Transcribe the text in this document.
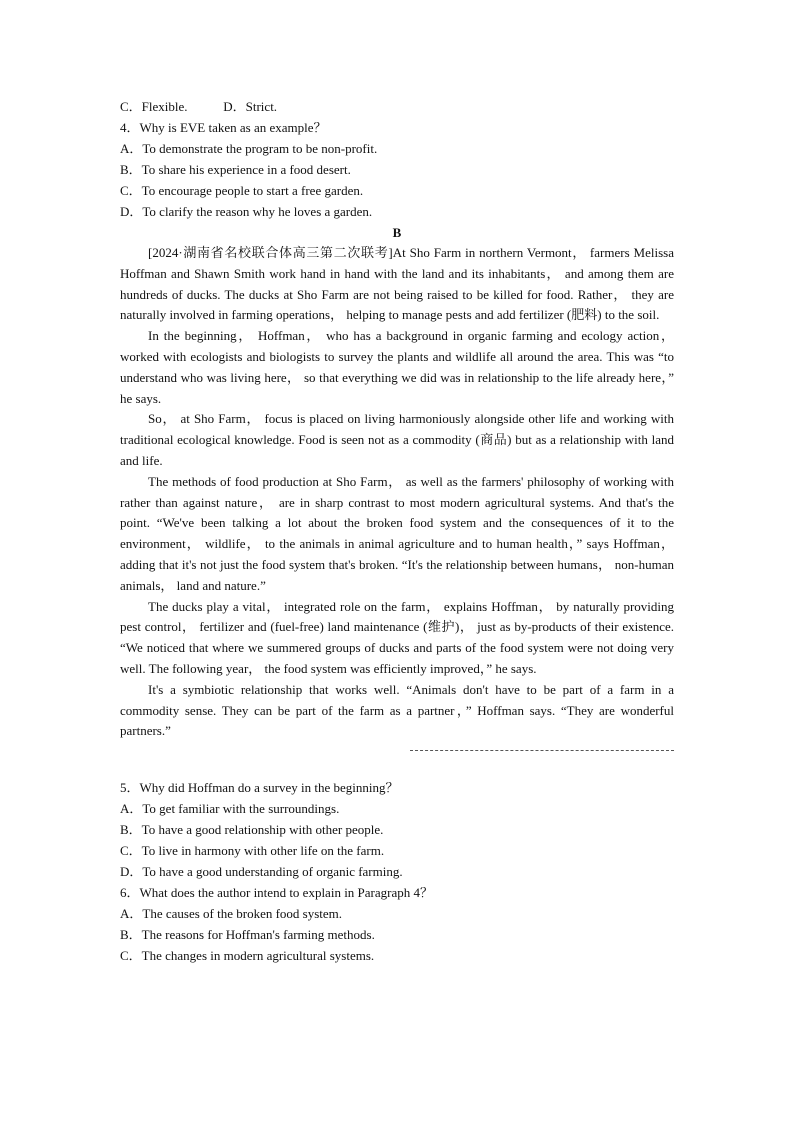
C．Flexible.	D．Strict.
4．Why is EVE taken as an example？
A．To demonstrate the program to be non-profit.
B．To share his experience in a food desert.
C．To encourage people to start a free garden.
D．To clarify the reason why he loves a garden.
B

[2024·湖南省名校联合体高三第二次联考]At Sho Farm in northern Vermont， farmers Melissa Hoffman and Shawn Smith work hand in hand with the land and its inhabitants， and among them are hundreds of ducks. The ducks at Sho Farm are not being raised to be killed for food. Rather， they are naturally involved in farming operations， helping to manage pests and add fertilizer (肥料) to the soil.

In the beginning， Hoffman， who has a background in organic farming and ecology action， worked with ecologists and biologists to survey the plants and wildlife all around the area. This was “to understand who was living here， so that everything we did was in relationship to the life already here，” he says.

So， at Sho Farm， focus is placed on living harmoniously alongside other life and working with traditional ecological knowledge. Food is seen not as a commodity (商品) but as a relationship with land and life.

The methods of food production at Sho Farm， as well as the farmers' philosophy of working with rather than against nature， are in sharp contrast to most modern agricultural systems. And that's the point. “We've been talking a lot about the broken food system and the consequences of it to the environment， wildlife， to the animals in animal agriculture and to human health，” says Hoffman， adding that it's not just the food system that's broken. “It's the relationship between humans， non-human animals， land and nature.”

The ducks play a vital， integrated role on the farm， explains Hoffman， by naturally providing pest control， fertilizer and (fuel-free) land maintenance (维护)， just as by-products of their existence. “We noticed that where we summered groups of ducks and parts of the food system were not doing very well. The following year， the food system was efficiently improved，” he says.

It's a symbiotic relationship that works well. “Animals don't have to be part of a farm in a commodity sense. They can be part of the farm as a partner，” Hoffman says. “They are wonderful partners.”

5．Why did Hoffman do a survey in the beginning？
A．To get familiar with the surroundings.
B．To have a good relationship with other people.
C．To live in harmony with other life on the farm.
D．To have a good understanding of organic farming.
6．What does the author intend to explain in Paragraph 4？
A．The causes of the broken food system.
B．The reasons for Hoffman's farming methods.
C．The changes in modern agricultural systems.
